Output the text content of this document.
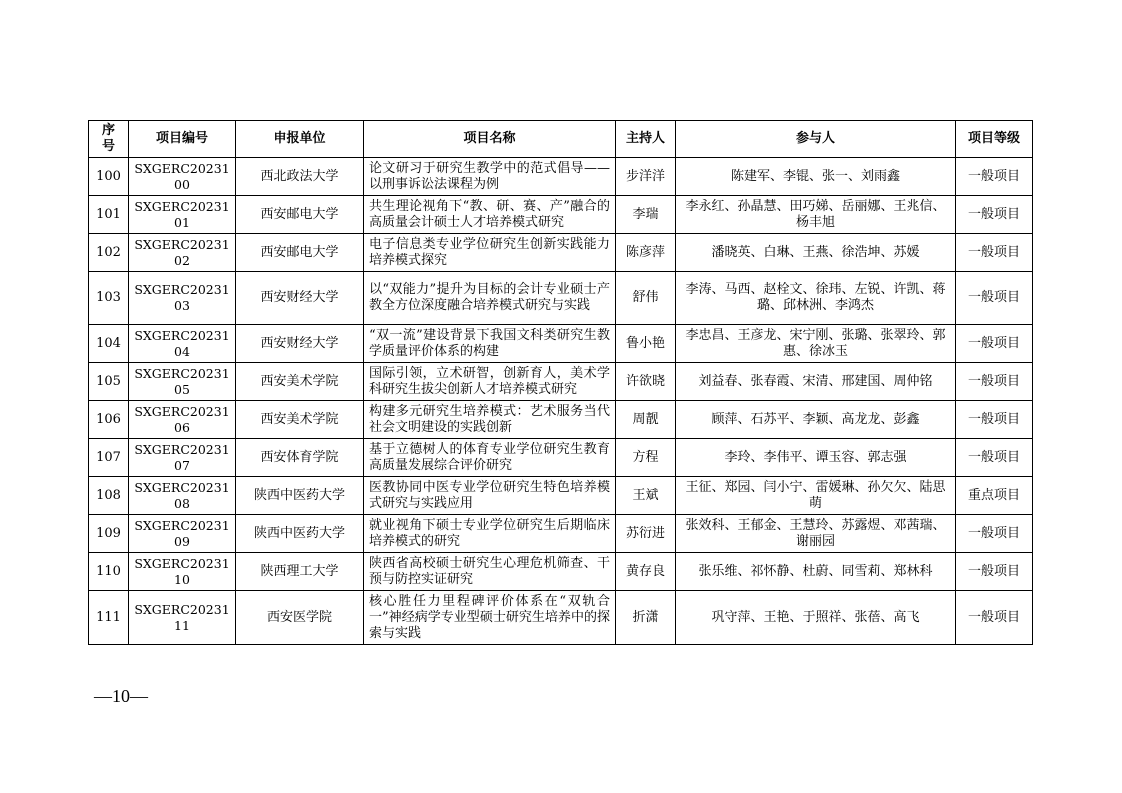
序
号	项目编号	申报单位	项目名称	主持人	参与人	项目等级
100	SXGERC2023100	西北政法大学	论文研习于研究生教学中的范式倡导——以刑事诉讼法课程为例	步洋洋	陈建军、李锟、张一、刘雨鑫	一般项目
101	SXGERC2023101	西安邮电大学	共生理论视角下“教、研、赛、产”融合的高质量会计硕士人才培养模式研究	李瑞	李永红、孙晶慧、田巧娣、岳丽娜、王兆信、杨丰旭	一般项目
102	SXGERC2023102	西安邮电大学	电子信息类专业学位研究生创新实践能力培养模式探究	陈彦萍	潘晓英、白琳、王燕、徐浩坤、苏媛	一般项目
103	SXGERC2023103	西安财经大学	以“双能力”提升为目标的会计专业硕士产教全方位深度融合培养模式研究与实践	舒伟	李涛、马西、赵栓文、徐玮、左锐、许凯、蒋璐、邱林洲、李鸿杰	一般项目
104	SXGERC2023104	西安财经大学	“双一流”建设背景下我国文科类研究生教学质量评价体系的构建	鲁小艳	李忠昌、王彦龙、宋宁刚、张璐、张翠玲、郭惠、徐冰玉	一般项目
105	SXGERC2023105	西安美术学院	国际引领，立术研智，创新育人，美术学科研究生拔尖创新人才培养模式研究	许欲晓	刘益春、张春霞、宋清、邢建国、周仲铭	一般项目
106	SXGERC2023106	西安美术学院	构建多元研究生培养模式：艺术服务当代社会文明建设的实践创新	周靓	顾萍、石苏平、李颖、高龙龙、彭鑫	一般项目
107	SXGERC2023107	西安体育学院	基于立德树人的体育专业学位研究生教育高质量发展综合评价研究	方程	李玲、李伟平、谭玉容、郭志强	一般项目
108	SXGERC2023108	陕西中医药大学	医教协同中医专业学位研究生特色培养模式研究与实践应用	王斌	王征、郑园、闫小宁、雷媛琳、孙欠欠、陆思萌	重点项目
109	SXGERC2023109	陕西中医药大学	就业视角下硕士专业学位研究生后期临床培养模式的研究	苏衍进	张效科、王郁金、王慧玲、苏露煜、邓茜瑞、谢丽园	一般项目
110	SXGERC2023110	陕西理工大学	陕西省高校硕士研究生心理危机筛查、干预与防控实证研究	黄存良	张乐维、祁怀静、杜蔚、同雪莉、郑林科	一般项目
111	SXGERC2023111	西安医学院	核心胜任力里程碑评价体系在“双轨合一”神经病学专业型硕士研究生培养中的探索与实践	折潇	巩守萍、王艳、于照祥、张蓓、高飞	一般项目
—10—
